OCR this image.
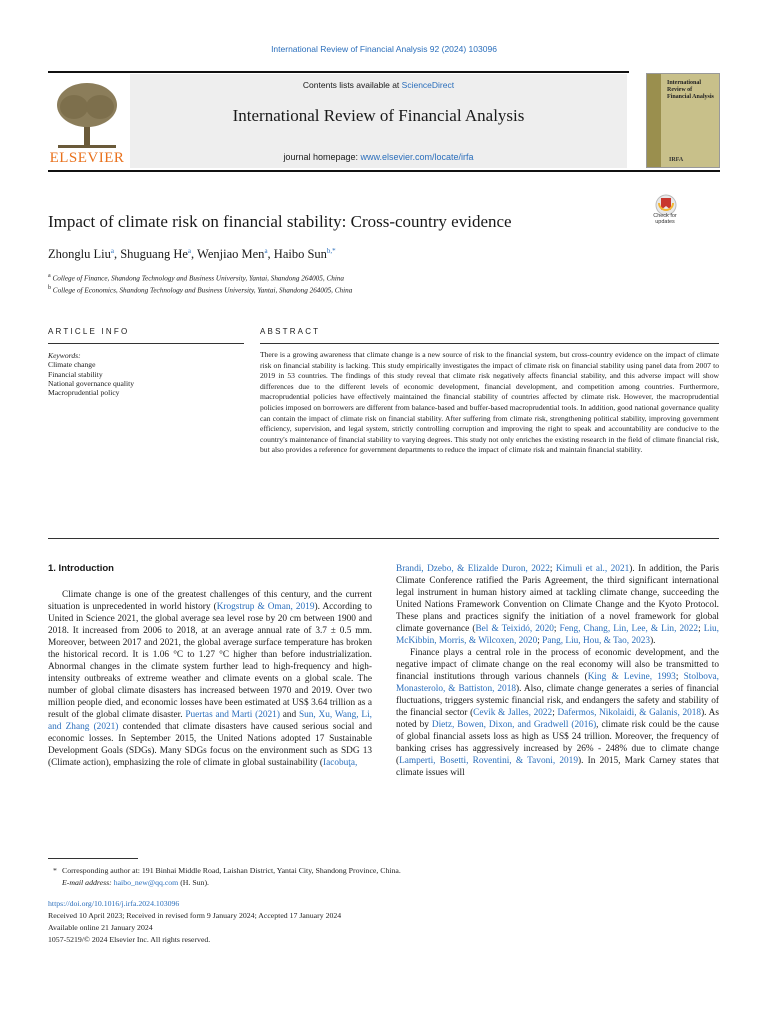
International Review of Financial Analysis 92 (2024) 103096
ELSEVIER
Contents lists available at ScienceDirect
International Review of Financial Analysis
journal homepage: www.elsevier.com/locate/irfa
International Review of Financial Analysis
IRFA
Check for updates
Impact of climate risk on financial stability: Cross-country evidence
Zhonglu Liu$^a$, Shuguang He$^a$, Wenjiao Men$^a$, Haibo Sun$^{b,*}$
$^a$ College of Finance, Shandong Technology and Business University, Yantai, Shandong 264005, China
$^b$ College of Economics, Shandong Technology and Business University, Yantai, Shandong 264005, China
ARTICLE INFO	ABSTRACT
Keywords:
Climate change
Financial stability
National governance quality
Macroprudential policy
There is a growing awareness that climate change is a new source of risk to the financial system, but cross-country evidence on the impact of climate risk on financial stability is lacking. This study empirically investigates the impact of climate risk on financial stability using panel data from 2007 to 2019 in 53 countries. The findings of this study reveal that climate risk negatively affects financial stability, and this adverse impact will show differences due to the different levels of economic development, financial development, and competition among countries. Furthermore, macroprudential policies have effectively maintained the financial stability of countries affected by climate risk. However, the macroprudential policies imposed on borrowers are different from balance-based and buffer-based macroprudential tools. In addition, good national governance quality can contain the impact of climate risk on financial stability. After suffering from climate risk, strengthening political stability, improving government efficiency, supervision, and legal system, strictly controlling corruption and improving the right to speak and accountability are conducive to the country's maintenance of financial stability to varying degrees. This study not only enriches the existing research in the field of climate financial risk, but also provides a reference for government departments to reduce the impact of climate risk and maintain financial stability.
1. Introduction

Climate change is one of the greatest challenges of this century, and the current situation is unprecedented in world history (Krogstrup & Oman, 2019). According to United in Science 2021, the global average sea level rose by 20 cm between 1900 and 2018. It increased from 2006 to 2018, at an average annual rate of 3.7 ± 0.5 mm. Moreover, between 2017 and 2021, the global average surface temperature has broken the historical record. It is 1.06 °C to 1.27 °C higher than before industrialization. Abnormal changes in the climate system further lead to high-frequency and high-intensity outbreaks of extreme weather and climate events on a global scale. The number of global climate disasters has increased between 1970 and 2019. Over two million people died, and economic losses have been estimated at US$ 3.64 trillion as a result of the global climate disaster. Puertas and Marti (2021) and Sun, Xu, Wang, Li, and Zhang (2021) contended that climate disasters have caused serious social and economic losses. In September 2015, the United Nations adopted 17 Sustainable Development Goals (SDGs). Many SDGs focus on the environment such as SDG 13 (Climate action), emphasizing the role of climate in global sustainability (Iacobuţa,

Brandi, Dzebo, & Elizalde Duron, 2022; Kimuli et al., 2021). In addition, the Paris Climate Conference ratified the Paris Agreement, the third significant international legal instrument in human history aimed at tackling climate change, succeeding the United Nations Framework Convention on Climate Change and the Kyoto Protocol. These plans and practices signify the initiation of a novel framework for global climate governance (Bel & Teixidó, 2020; Feng, Chang, Lin, Lee, & Lin, 2022; Liu, McKibbin, Morris, & Wilcoxen, 2020; Pang, Liu, Hou, & Tao, 2023).

Finance plays a central role in the process of economic development, and the negative impact of climate change on the real economy will also be transmitted to financial institutions through various channels (King & Levine, 1993; Stolbova, Monasterolo, & Battiston, 2018). Also, climate change generates a series of financial fluctuations, triggers systemic financial risk, and endangers the safety and stability of the financial sector (Cevik & Jalles, 2022; Dafermos, Nikolaidi, & Galanis, 2018). As noted by Dietz, Bowen, Dixon, and Gradwell (2016), climate risk could be the cause of global financial assets loss as high as US$ 24 trillion. Moreover, the frequency of banking crises has aggressively increased by 26% - 248% due to climate change (Lamperti, Bosetti, Roventini, & Tavoni, 2019). In 2015, Mark Carney states that climate issues will

* Corresponding author at: 191 Binhai Middle Road, Laishan District, Yantai City, Shandong Province, China.
E-mail address: haibo_new@qq.com (H. Sun).
https://doi.org/10.1016/j.irfa.2024.103096
Received 10 April 2023; Received in revised form 9 January 2024; Accepted 17 January 2024
Available online 21 January 2024
1057-5219/© 2024 Elsevier Inc. All rights reserved.
